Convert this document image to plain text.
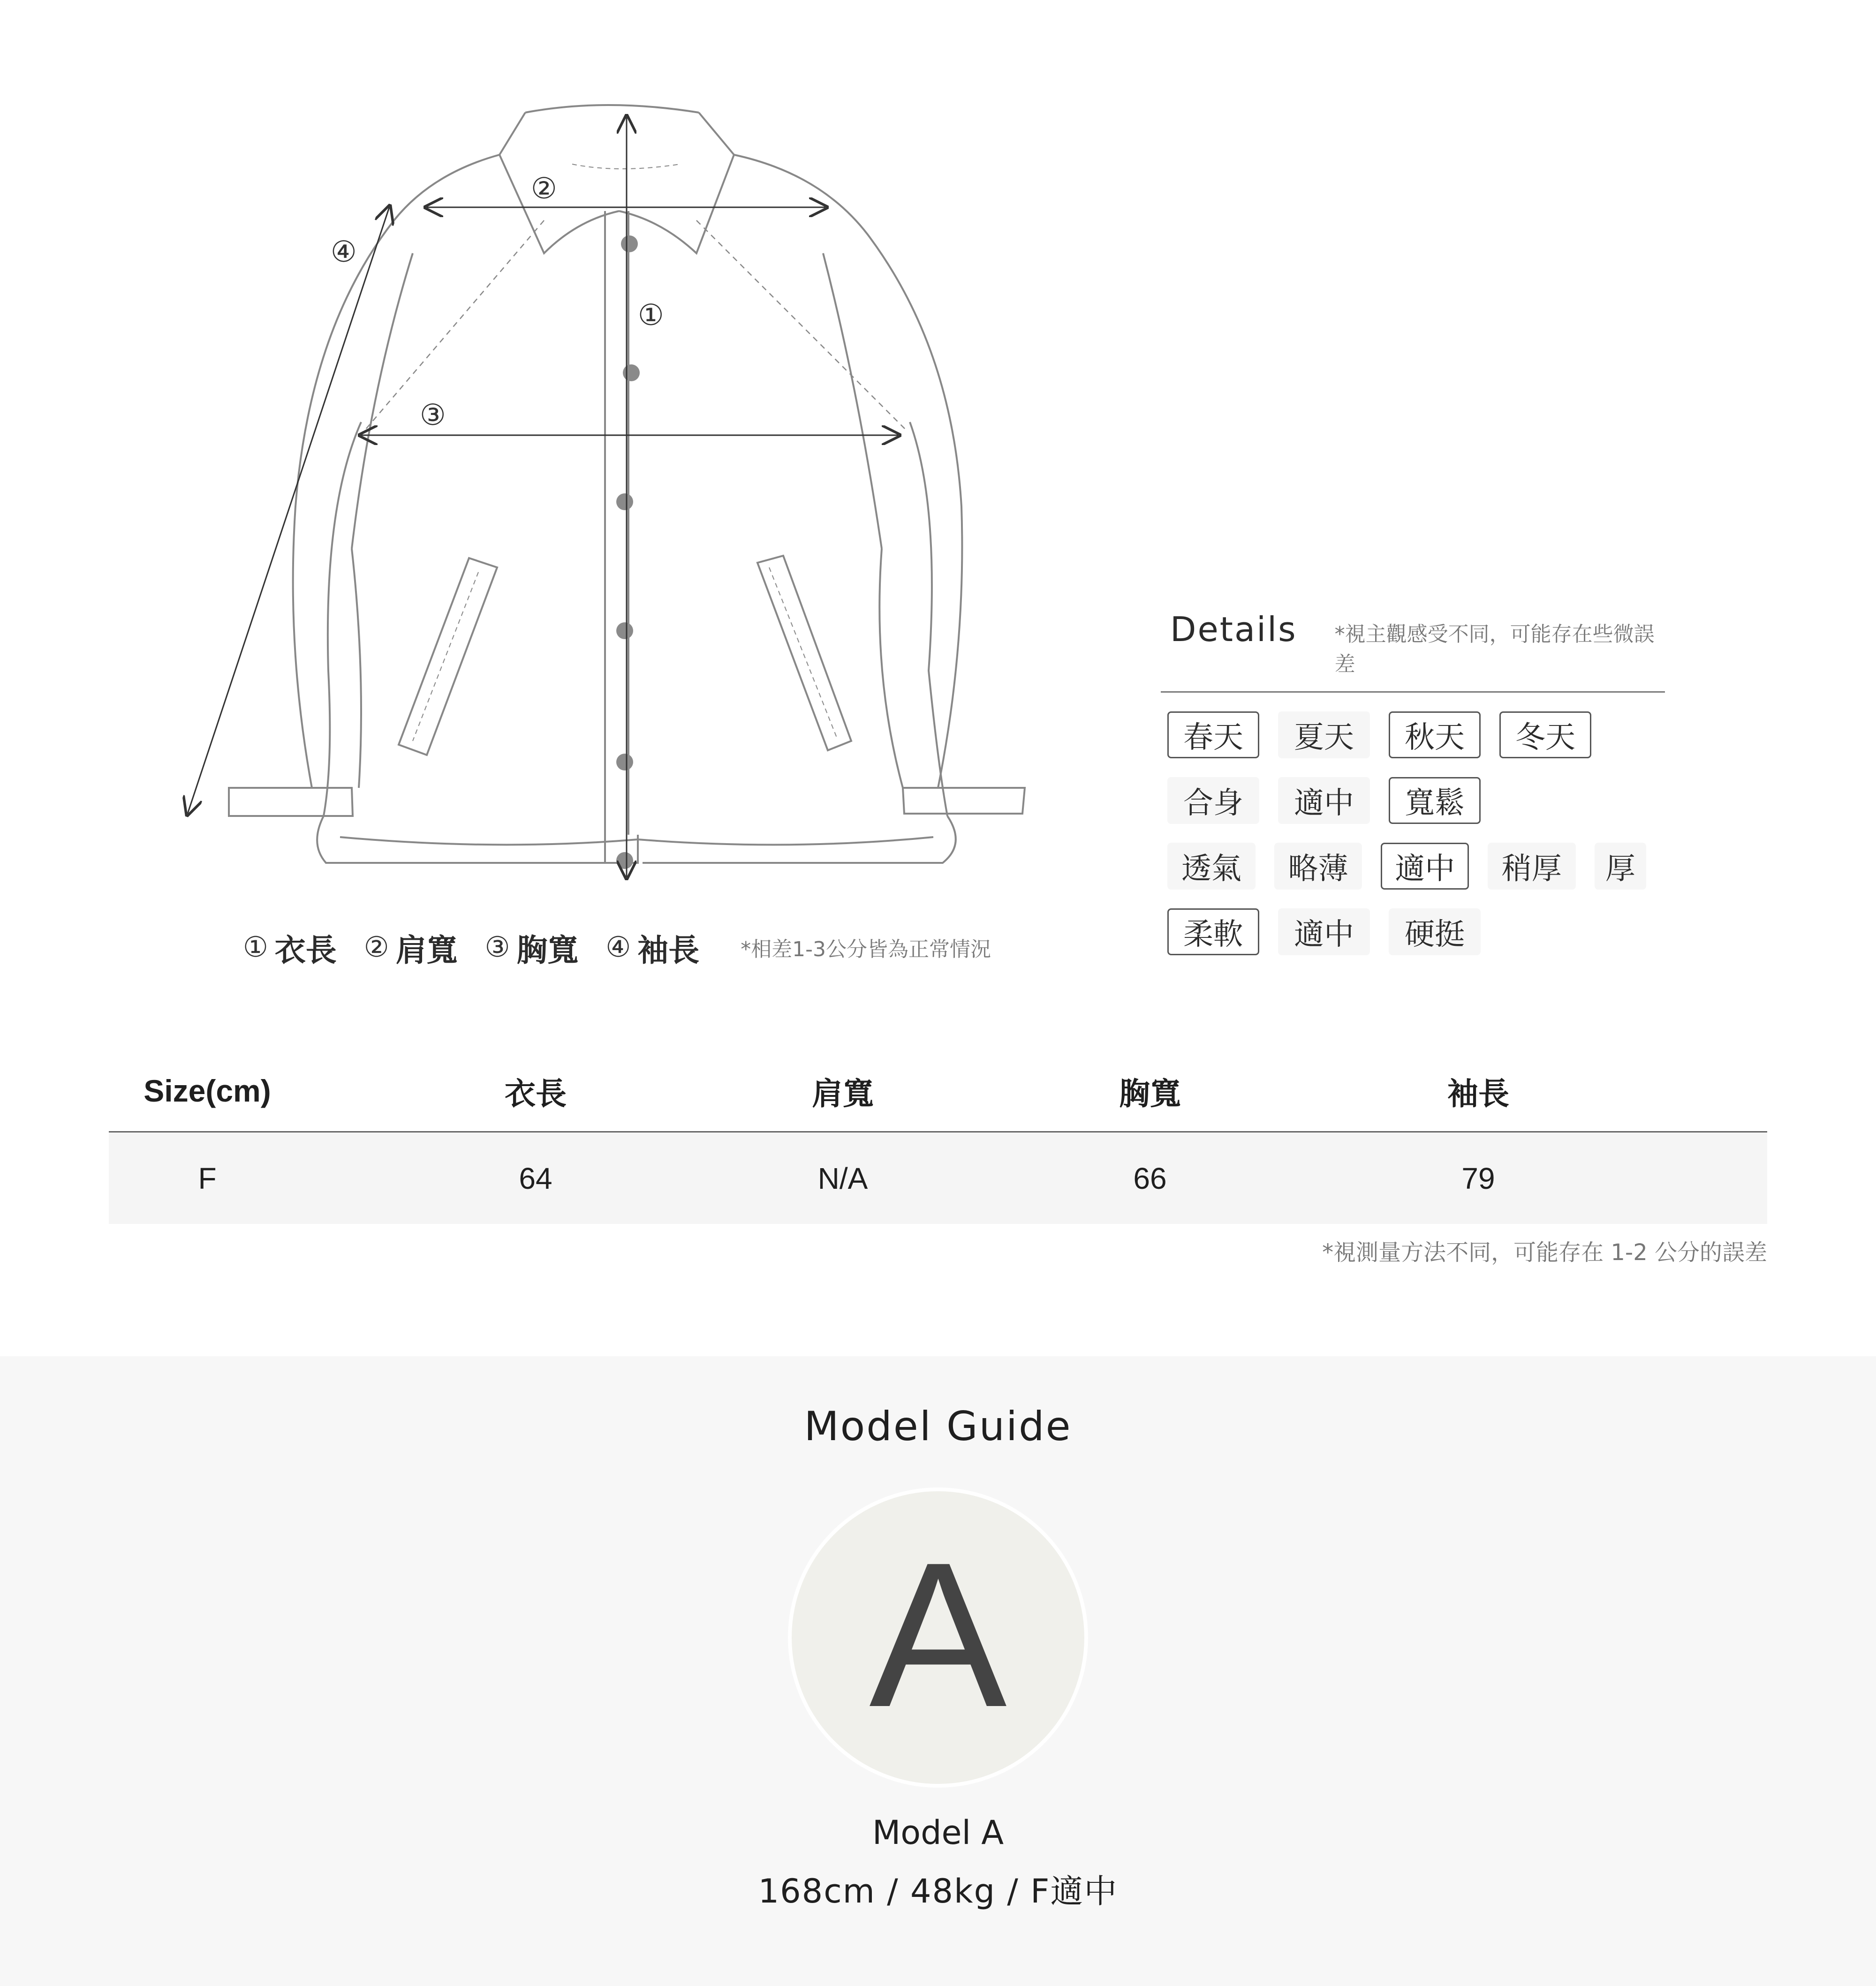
①
②
③
④
① 衣長 ② 肩寬 ③ 胸寬 ④ 袖長 *相差1-3公分皆為正常情況
Details *視主觀感受不同，可能存在些微誤差
春天	夏天	秋天	冬天
合身	適中	寬鬆
透氣	略薄	適中	稍厚	厚
柔軟	適中	硬挺
Size(cm)	衣長	肩寬	胸寬	袖長
F	64	N/A	66	79
*視測量方法不同，可能存在 1-2 公分的誤差
Model Guide
A
Model A
168cm / 48kg / F適中
